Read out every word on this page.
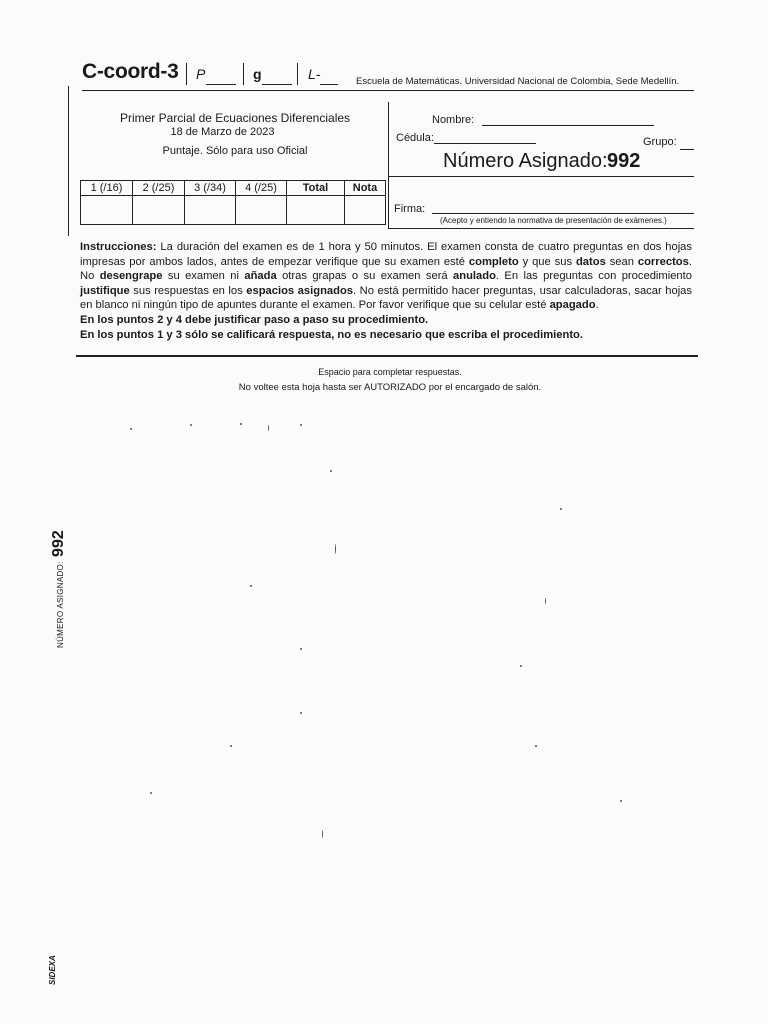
C-coord-3 P	g	L-	Escuela de Matemáticas. Universidad Nacional de Colombia, Sede Medellín.
Primer Parcial de Ecuaciones Diferenciales
18 de Marzo de 2023
Puntaje. Sólo para uso Oficial
Nombre:
Cédula:	Grupo:
Número Asignado: 992
Firma:
(Acepto y entiendo la normativa de presentación de exámenes.)
1 (/16)	2 (/25)	3 (/34)	4 (/25)	Total	Nota

Instrucciones: La duración del examen es de 1 hora y 50 minutos. El examen consta de cuatro preguntas en dos hojas impresas por ambos lados, antes de empezar verifique que su examen esté completo y que sus datos sean correctos. No desengrape su examen ni añada otras grapas o su examen será anulado. En las preguntas con procedimiento justifique sus respuestas en los espacios asignados. No está permitido hacer preguntas, usar calculadoras, sacar hojas en blanco ni ningún tipo de apuntes durante el examen. Por favor verifique que su celular esté apagado.
En los puntos 2 y 4 debe justificar paso a paso su procedimiento.
En los puntos 1 y 3 sólo se calificará respuesta, no es necesario que escriba el procedimiento.
Espacio para completar respuestas.
No voltee esta hoja hasta ser AUTORIZADO por el encargado de salón.
NÚMERO ASIGNADO: 992
SIDEXA
